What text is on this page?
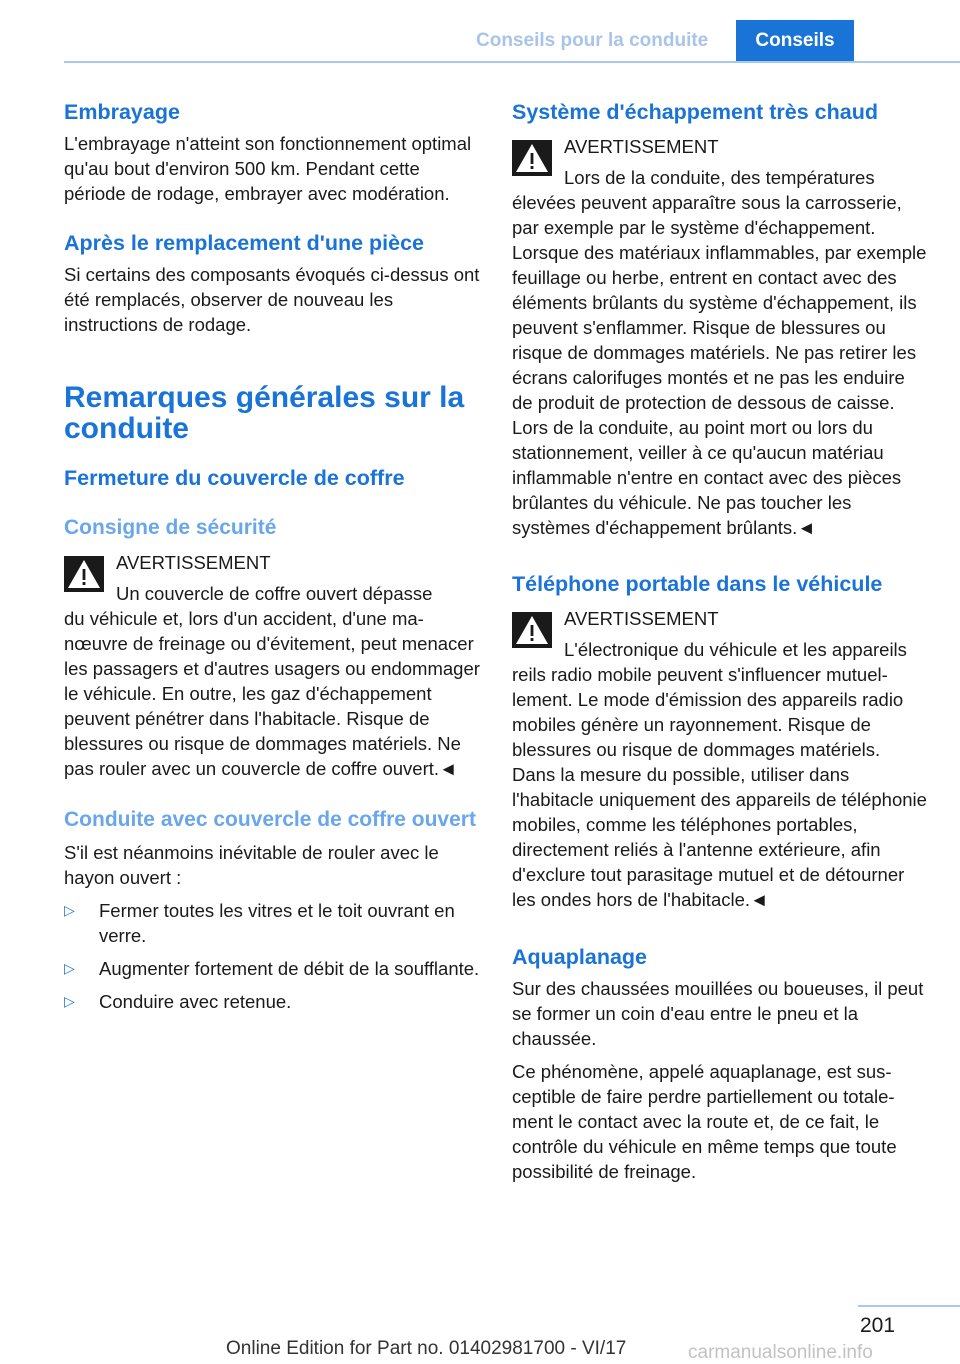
Conseils pour la conduite	Conseils
Embrayage

L'embrayage n'atteint son fonctionnement optimal qu'au bout d'environ 500 km. Pendant cette période de rodage, embrayer avec modération.

Après le remplacement d'une pièce

Si certains des composants évoqués ci-dessus ont été remplacés, observer de nouveau les instructions de rodage.

Remarques générales sur la conduite
Fermeture du couvercle de coffre
Consigne de sécurité
AVERTISSEMENT
Un couvercle de coffre ouvert dépasse

du véhicule et, lors d'un accident, d'une manœuvre de freinage ou d'évitement, peut menacer les passagers et d'autres usagers ou endommager le véhicule. En outre, les gaz d'échappement peuvent pénétrer dans l'habitacle. Risque de blessures ou risque de dommages matériels. Ne pas rouler avec un couvercle de coffre ouvert.◄

Conduite avec couvercle de coffre ouvert

S'il est néanmoins inévitable de rouler avec le hayon ouvert :

▷ Fermer toutes les vitres et le toit ouvrant en verre.
▷ Augmenter fortement de débit de la soufflante.
▷ Conduire avec retenue.
Système d'échappement très chaud
AVERTISSEMENT
Lors de la conduite, des températures

élevées peuvent apparaître sous la carrosserie, par exemple par le système d'échappement. Lorsque des matériaux inflammables, par exemple feuillage ou herbe, entrent en contact avec des éléments brûlants du système d'échappement, ils peuvent s'enflammer. Risque de blessures ou risque de dommages matériels. Ne pas retirer les écrans calorifuges montés et ne pas les enduire de produit de protection de dessous de caisse. Lors de la conduite, au point mort ou lors du stationnement, veiller à ce qu'aucun matériau inflammable n'entre en contact avec des pièces brûlantes du véhicule. Ne pas toucher les systèmes d'échappement brûlants.◄

Téléphone portable dans le véhicule
AVERTISSEMENT
L'électronique du véhicule et les appareils

reils radio mobile peuvent s'influencer mutuellement. Le mode d'émission des appareils radio mobiles génère un rayonnement. Risque de blessures ou risque de dommages matériels. Dans la mesure du possible, utiliser dans l'habitacle uniquement des appareils de téléphonie mobiles, comme les téléphones portables, directement reliés à l'antenne extérieure, afin d'exclure tout parasitage mutuel et de détourner les ondes hors de l'habitacle.◄

Aquaplanage

Sur des chaussées mouillées ou boueuses, il peut se former un coin d'eau entre le pneu et la chaussée.

Ce phénomène, appelé aquaplanage, est susceptible de faire perdre partiellement ou totalement le contact avec la route et, de ce fait, le contrôle du véhicule en même temps que toute possibilité de freinage.

201
Online Edition for Part no. 01402981700 - VI/17	carmanualsonline.info
